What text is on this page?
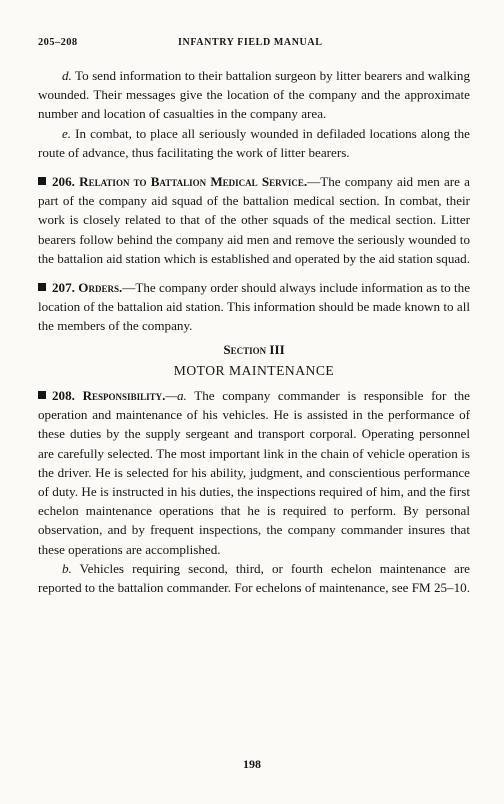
205–208	INFANTRY FIELD MANUAL

d. To send information to their battalion surgeon by litter bearers and walking wounded. Their messages give the location of the company and the approximate number and location of casualties in the company area.

e. In combat, to place all seriously wounded in defiladed locations along the route of advance, thus facilitating the work of litter bearers.

206. Relation to Battalion Medical Service.—The company aid men are a part of the company aid squad of the battalion medical section. In combat, their work is closely related to that of the other squads of the medical section. Litter bearers follow behind the company aid men and remove the seriously wounded to the battalion aid station which is established and operated by the aid station squad.

207. Orders.—The company order should always include information as to the location of the battalion aid station. This information should be made known to all the members of the company.

Section III

MOTOR MAINTENANCE

208. Responsibility.—a. The company commander is responsible for the operation and maintenance of his vehicles. He is assisted in the performance of these duties by the supply sergeant and transport corporal. Operating personnel are carefully selected. The most important link in the chain of vehicle operation is the driver. He is selected for his ability, judgment, and conscientious performance of duty. He is instructed in his duties, the inspections required of him, and the first echelon maintenance operations that he is required to perform. By personal observation, and by frequent inspections, the company commander insures that these operations are accomplished.

b. Vehicles requiring second, third, or fourth echelon maintenance are reported to the battalion commander. For echelons of maintenance, see FM 25–10.

198
